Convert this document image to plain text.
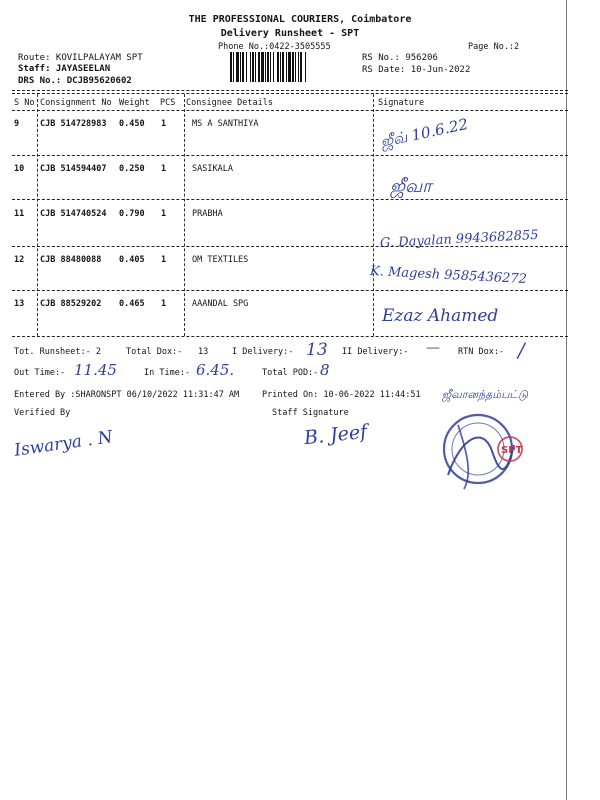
THE PROFESSIONAL COURIERS, Coimbatore
Delivery Runsheet - SPT
Phone No.:0422-3505555	Page No.:2
Route: KOVILPALAYAM SPT
Staff: JAYASEELAN
DRS No.: DCJB95620602
RS No.: 956206
RS Date: 10-Jun-2022
S No Consignment No Weight PCS Consignee Details	Signature
9 CJB 514728983 0.450 1	MS A SANTHIYA	ஜீவ் 10.6.22
10 CJB 514594407 0.250 1	SASIKALA
ஜீவா
11 CJB 514740524 0.790 1	PRABHA
G. Dayalan 9943682855
12 CJB 88480088 0.405 1	OM TEXTILES
K. Magesh 9585436272
13 CJB 88529202 0.465 1	AAANDAL SPG
Ezaz Ahamed
Tot. Runsheet:- 2	Total Dox:- 13	I Delivery:- 13 II Delivery:- — RTN Dox:- /
Out Time:- 11.45	In Time:- 6.45.	Total POD:- 8
Entered By :SHARONSPT 06/10/2022 11:31:47 AM	Printed On: 10-06-2022 11:44:51 ஜீவானந்தம்பட்டு
Verified By	Staff Signature
Iswarya . N	B. Jeef
SPT
